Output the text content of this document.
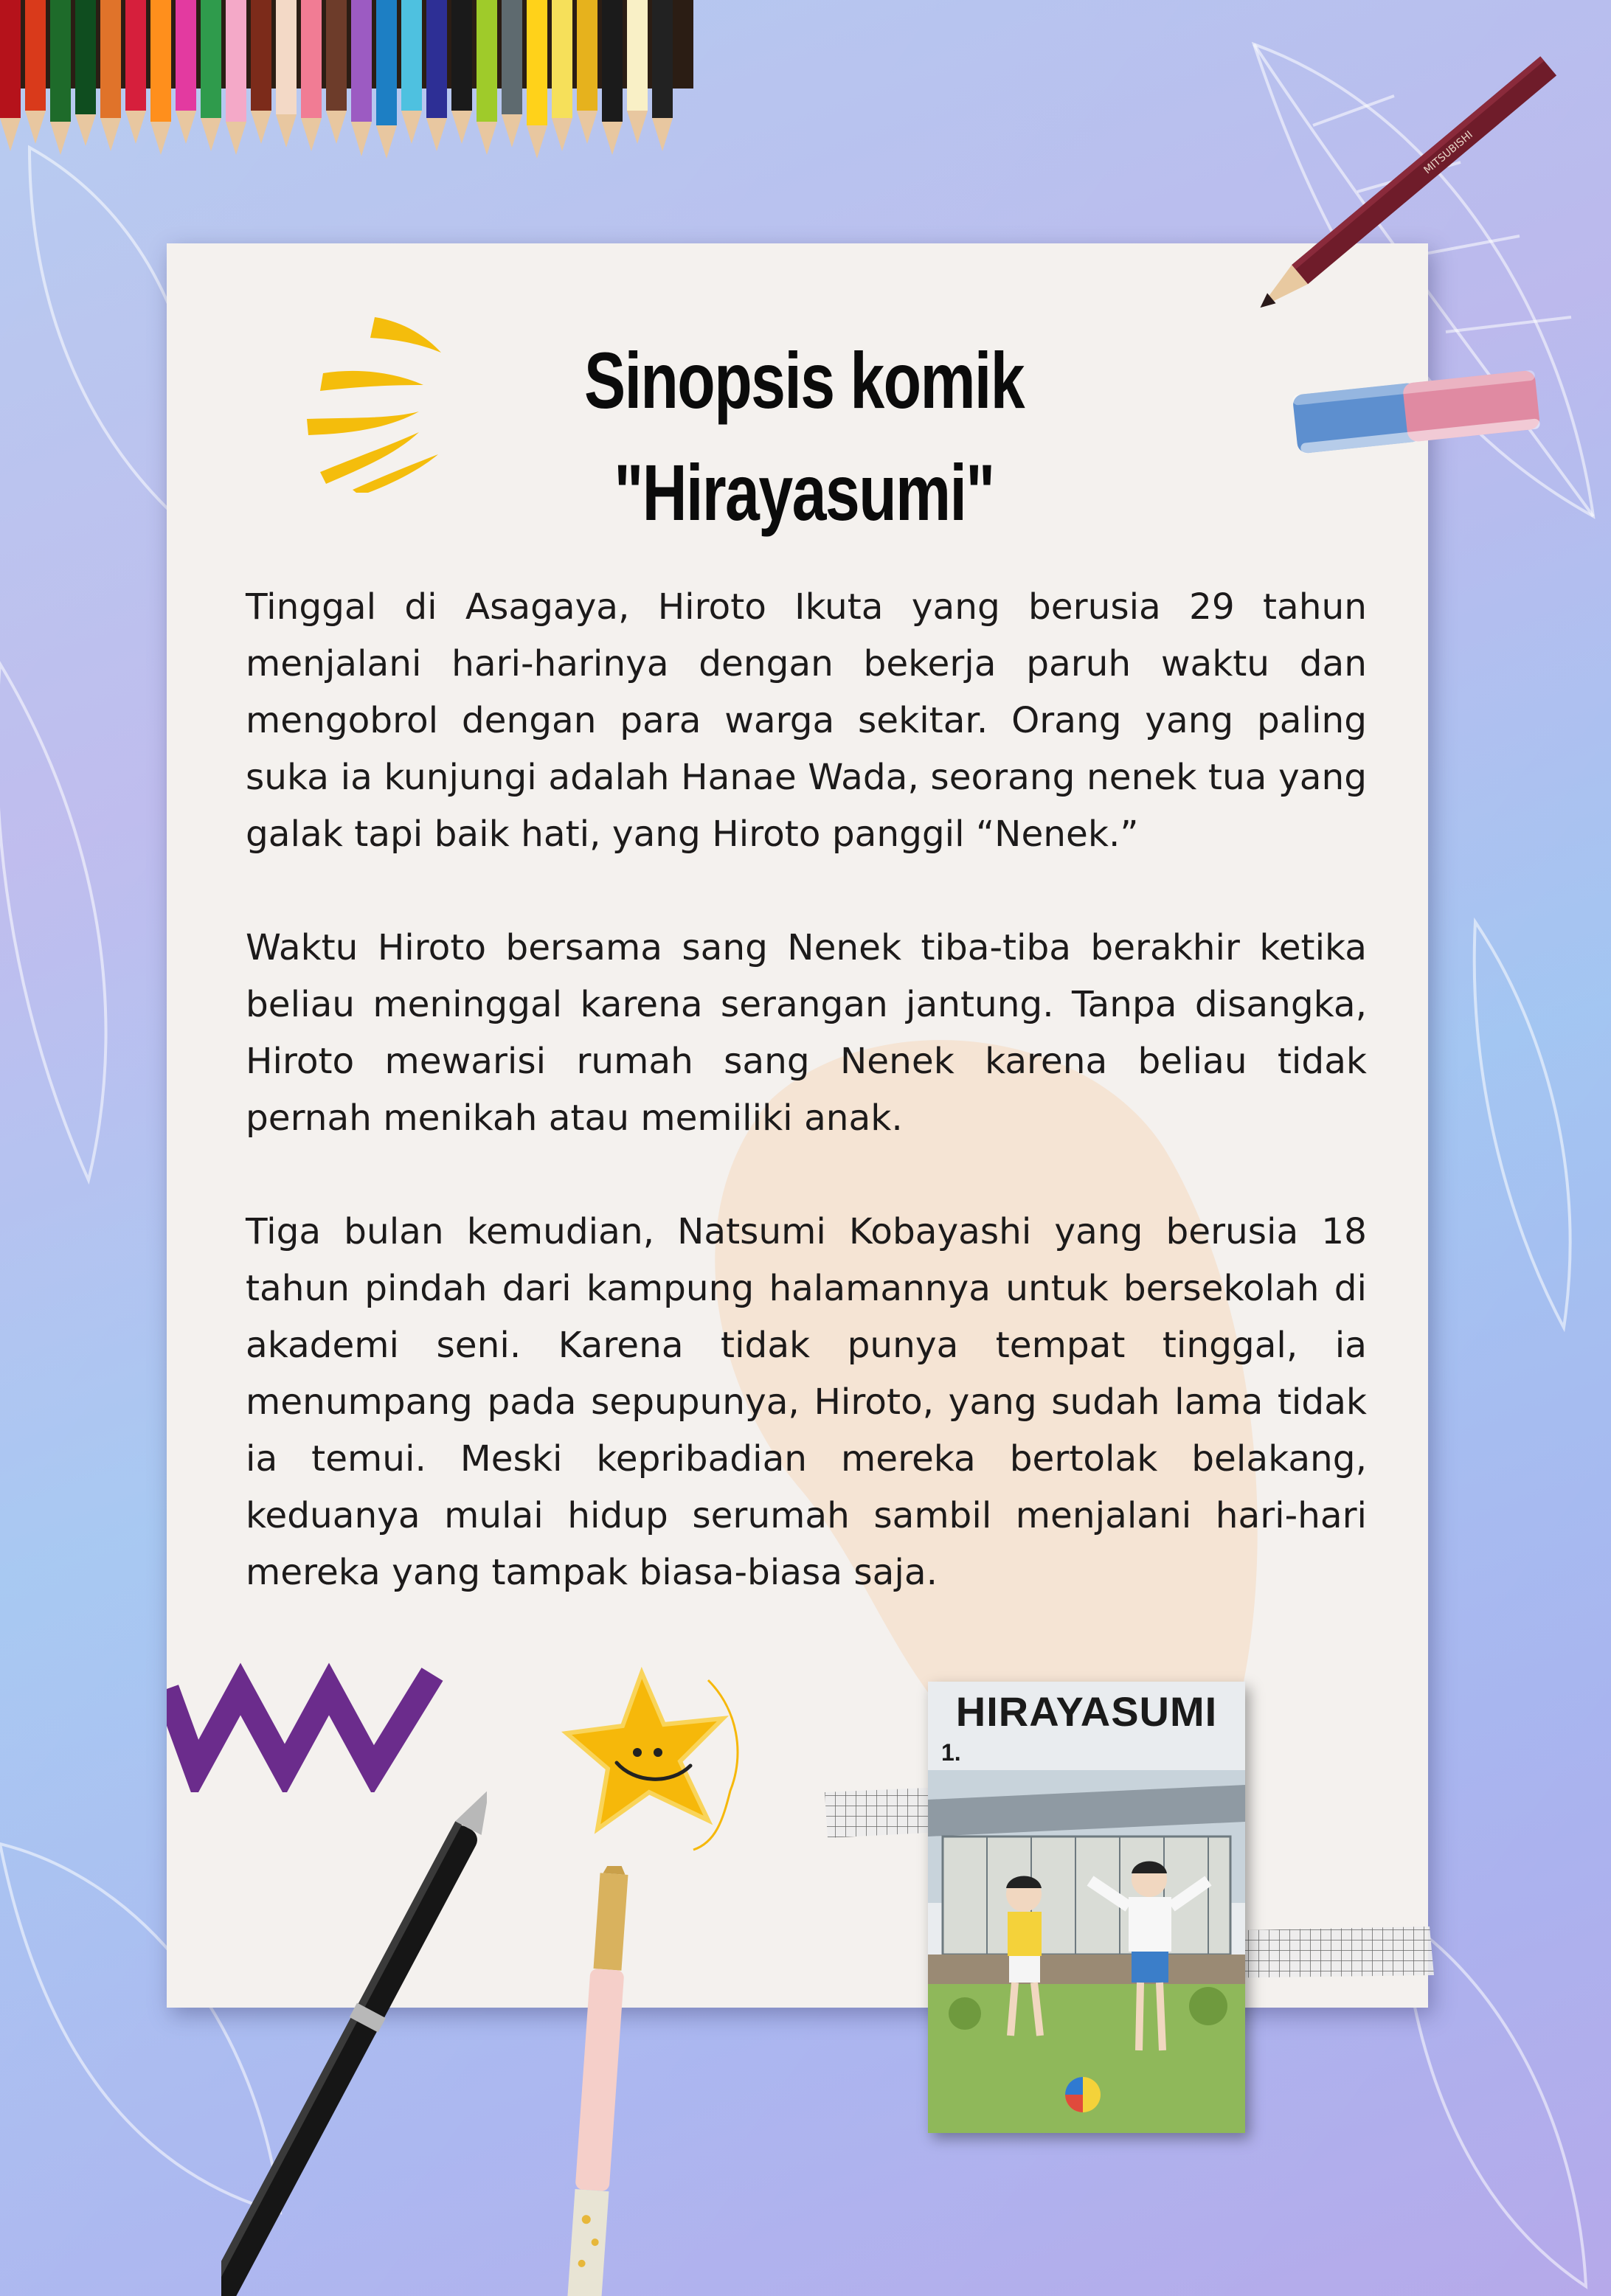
Sinopsis komik
"Hirayasumi"

Tinggal di Asagaya, Hiroto Ikuta yang berusia 29 tahun menjalani hari-harinya dengan bekerja paruh waktu dan mengobrol dengan para warga sekitar. Orang yang paling suka ia kunjungi adalah Hanae Wada, seorang nenek tua yang galak tapi baik hati, yang Hiroto panggil “Nenek.”

Waktu Hiroto bersama sang Nenek tiba-tiba berakhir ketika beliau meninggal karena serangan jantung. Tanpa disangka, Hiroto mewarisi rumah sang Nenek karena beliau tidak pernah menikah atau memiliki anak.

Tiga bulan kemudian, Natsumi Kobayashi yang berusia 18 tahun pindah dari kampung halamannya untuk bersekolah di akademi seni. Karena tidak punya tempat tinggal, ia menumpang pada sepupunya, Hiroto, yang sudah lama tidak ia temui. Meski kepribadian mereka bertolak belakang, keduanya mulai hidup serumah sambil menjalani hari-hari mereka yang tampak biasa-biasa saja.

MITSUBISHI
HIRAYASUMI
1.
